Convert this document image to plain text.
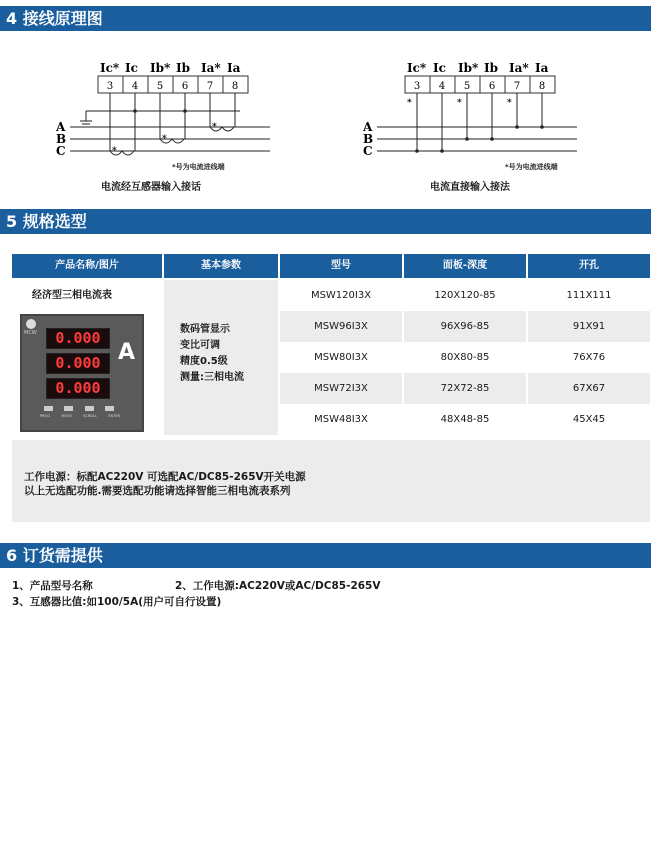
4 接线原理图
Ic* Ic Ib* Ib Ia* Ia
3 4 5 6 7 8
A
B
C	*
*
*
*号为电流进线端
电流经互感器输入接话
Ic* Ic Ib* Ib Ia* Ia
3 4 5 6 7 8
A
B
C
*	*	*
*号为电流进线端
电流直接输入接法
5 规格选型
产品名称/图片	基本参数	型号	面板-深度	开孔
经济型三相电流表
MCW	0.000
0.000
0.000
A
PROG	MOVE	SCROLL	ENTER
数码管显示
变比可调
精度0.5级
测量:三相电流
MSW120I3X	120X120-85	111X111
MSW96I3X	96X96-85	91X91
MSW80I3X	80X80-85	76X76
MSW72I3X	72X72-85	67X67
MSW48I3X	48X48-85	45X45
工作电源：标配AC220V 可选配AC/DC85-265V开关电源
以上无选配功能.需要选配功能请选择智能三相电流表系列
6 订货需提供
1、产品型号名称	2、工作电源:AC220V或AC/DC85-265V
3、互感器比值:如100/5A(用户可自行设置)
